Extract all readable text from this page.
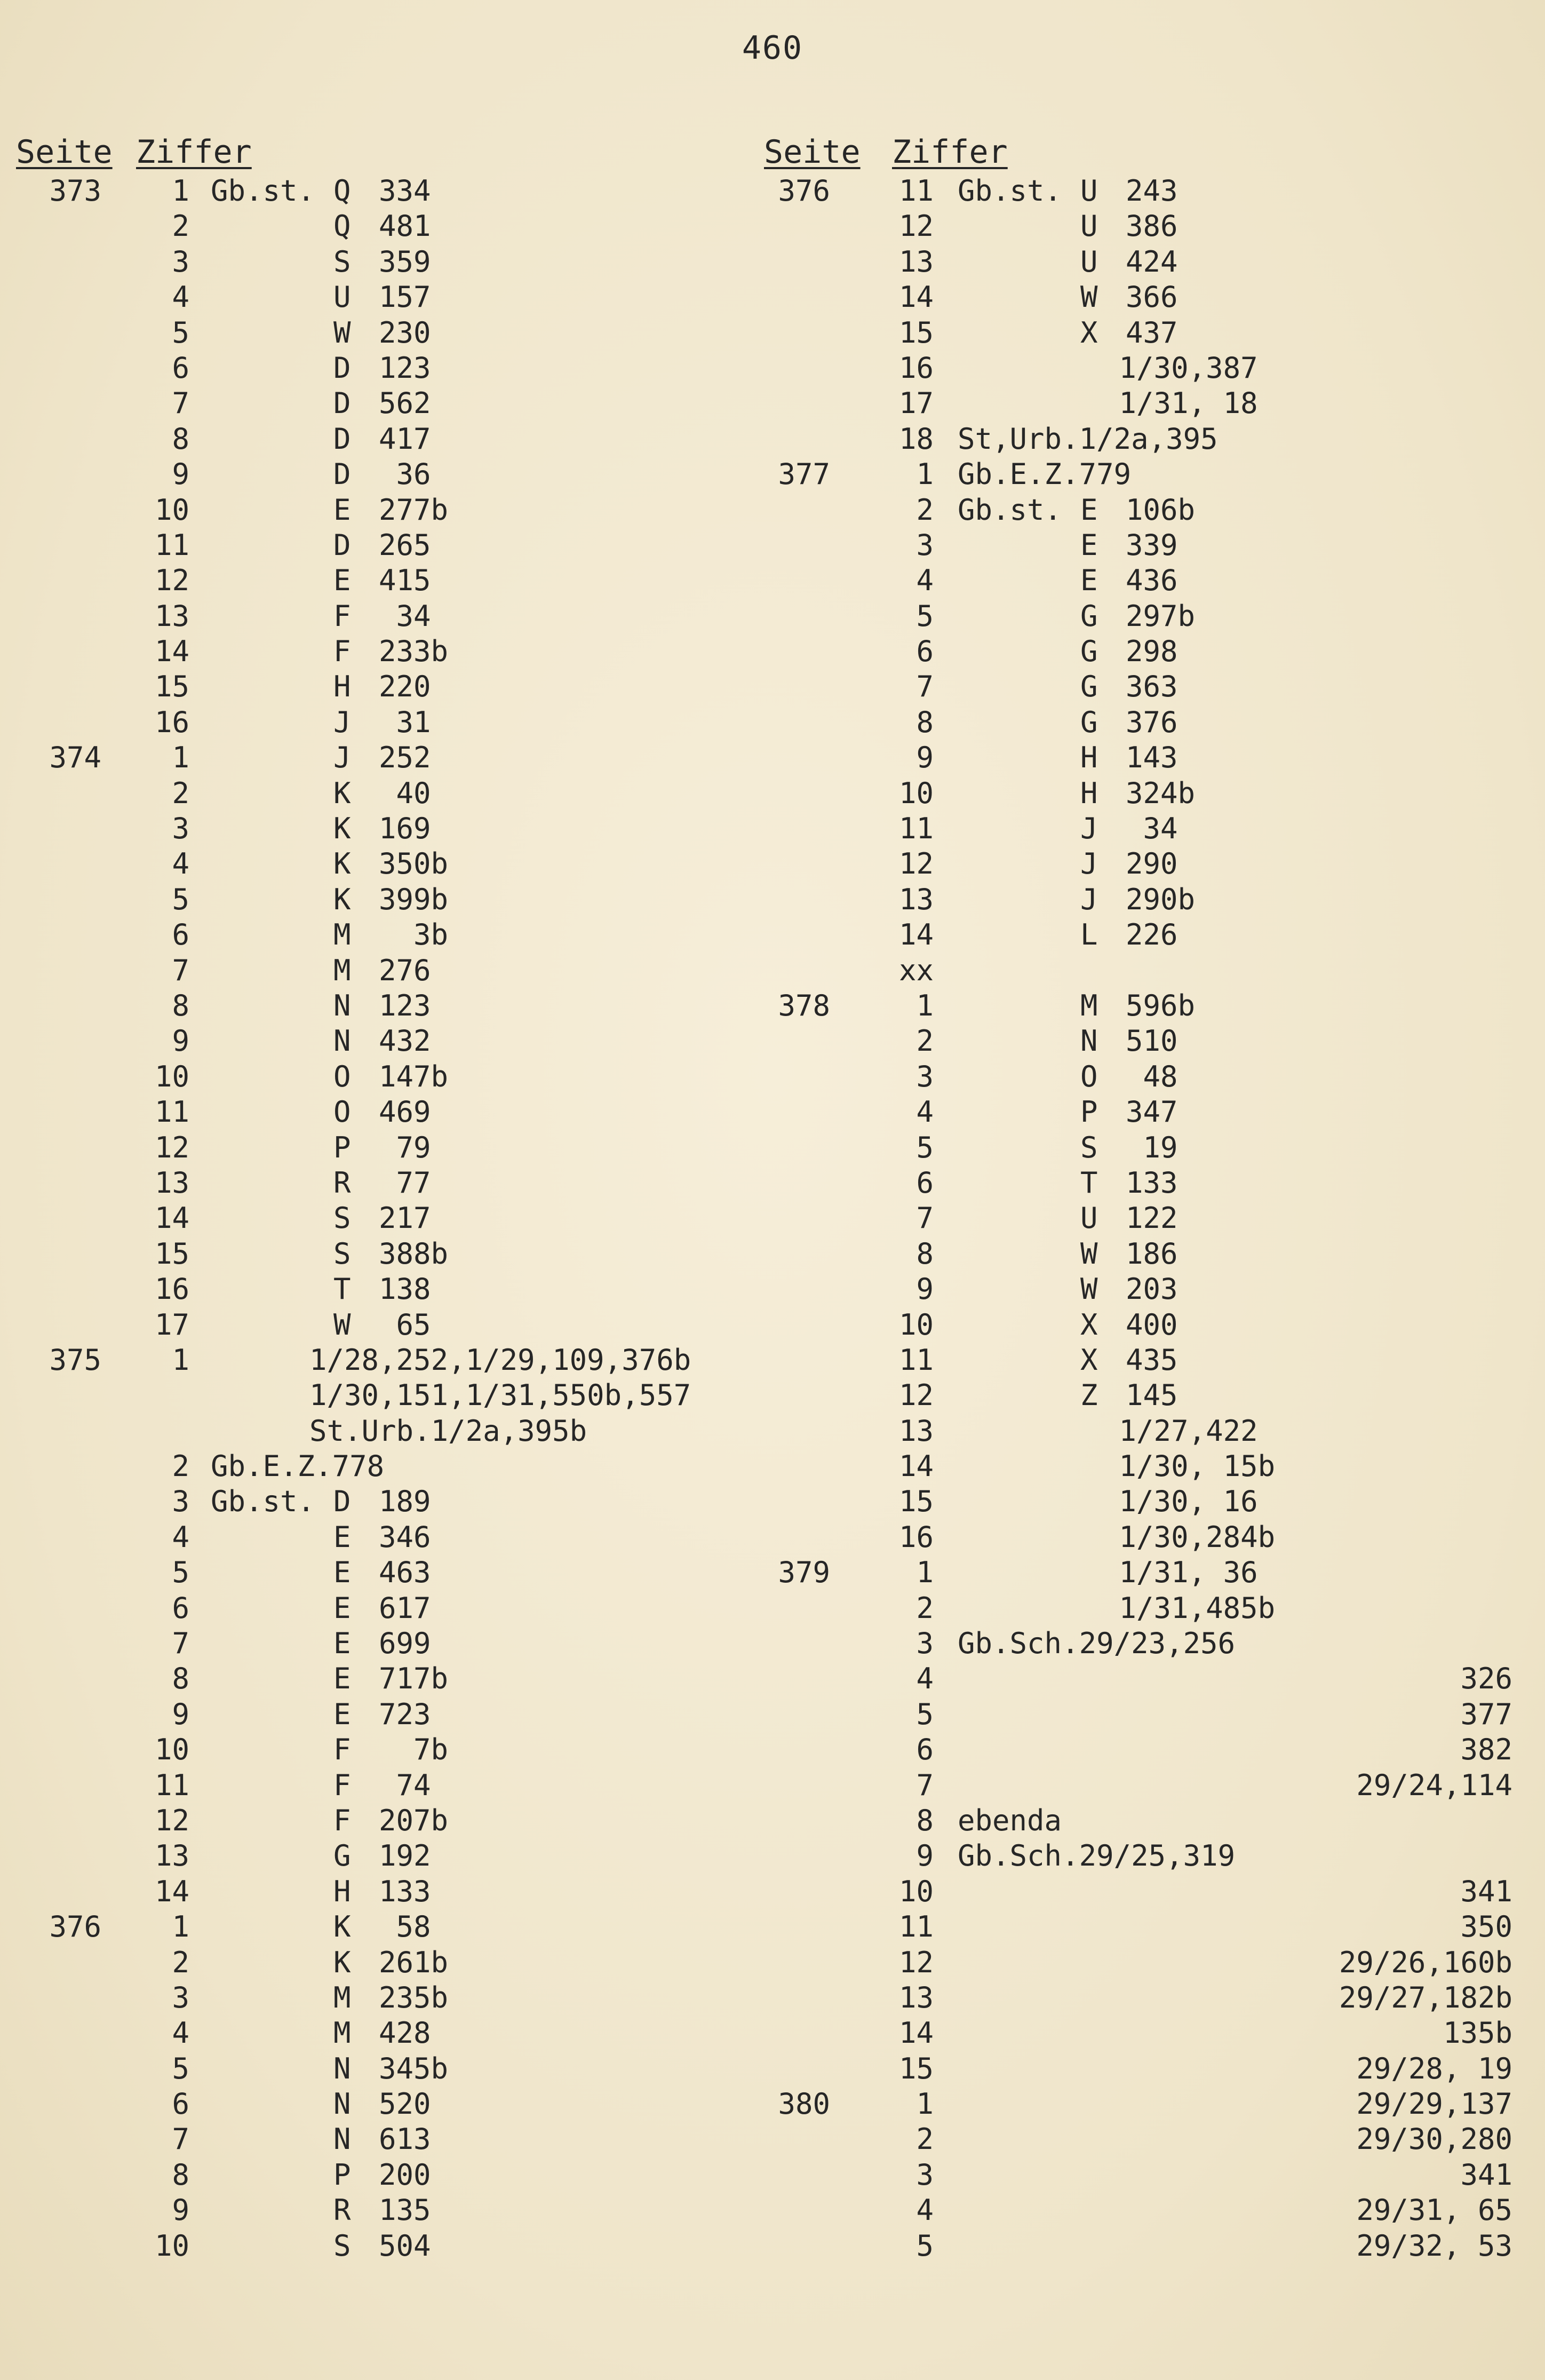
460
Seite Ziffer	Seite Ziffer
373	1 Gb.st. Q 334
2	Q 481
3	S 359
4	U 157
5	W 230
6	D 123
7	D 562
8	D 417
9	D 36
10	E 277b
11	D 265
12	E 415
13	F 34
14	F 233b
15	H 220
16	J 31
374	1	J 252
2	K 40
3	K 169
4	K 350b
5	K 399b
6	M 3b
7	M 276
8	N 123
9	N 432
10	O 147b
11	O 469
12	P 79
13	R 77
14	S 217
15	S 388b
16	T 138
17	W 65
375	1	1/28,252,1/29,109,376b
1/30,151,1/31,550b,557
St.Urb.1/2a,395b
2 Gb.E.Z.778
3 Gb.st. D 189
4	E 346
5	E 463
6	E 617
7	E 699
8	E 717b
9	E 723
10	F 7b
11	F 74
12	F 207b
13	G 192
14	H 133
376	1	K 58
2	K 261b
3	M 235b
4	M 428
5	N 345b
6	N 520
7	N 613
8	P 200
9	R 135
10	S 504
376	11 Gb.st. U 243
12	U 386
13	U 424
14	W 366
15	X 437
16	1/30,387
17	1/31, 18
18 St,Urb.1/2a,395
377	1 Gb.E.Z.779
2 Gb.st. E 106b
3	E 339
4	E 436
5	G 297b
6	G 298
7	G 363
8	G 376
9	H 143
10	H 324b
11	J 34
12	J 290
13	J 290b
14	L 226
xx
378	1	M 596b
2	N 510
3	O 48
4	P 347
5	S 19
6	T 133
7	U 122
8	W 186
9	W 203
10	X 400
11	X 435
12	Z 145
13	1/27,422
14	1/30, 15b
15	1/30, 16
16	1/30,284b
379	1	1/31, 36
2	1/31,485b
3 Gb.Sch.29/23,256
4	326
5	377
6	382
7	29/24,114
8 ebenda
9 Gb.Sch.29/25,319
10	341
11	350
12	29/26,160b
13	29/27,182b
14	135b
15	29/28, 19
380	1	29/29,137
2	29/30,280
3	341
4	29/31, 65
5	29/32, 53
